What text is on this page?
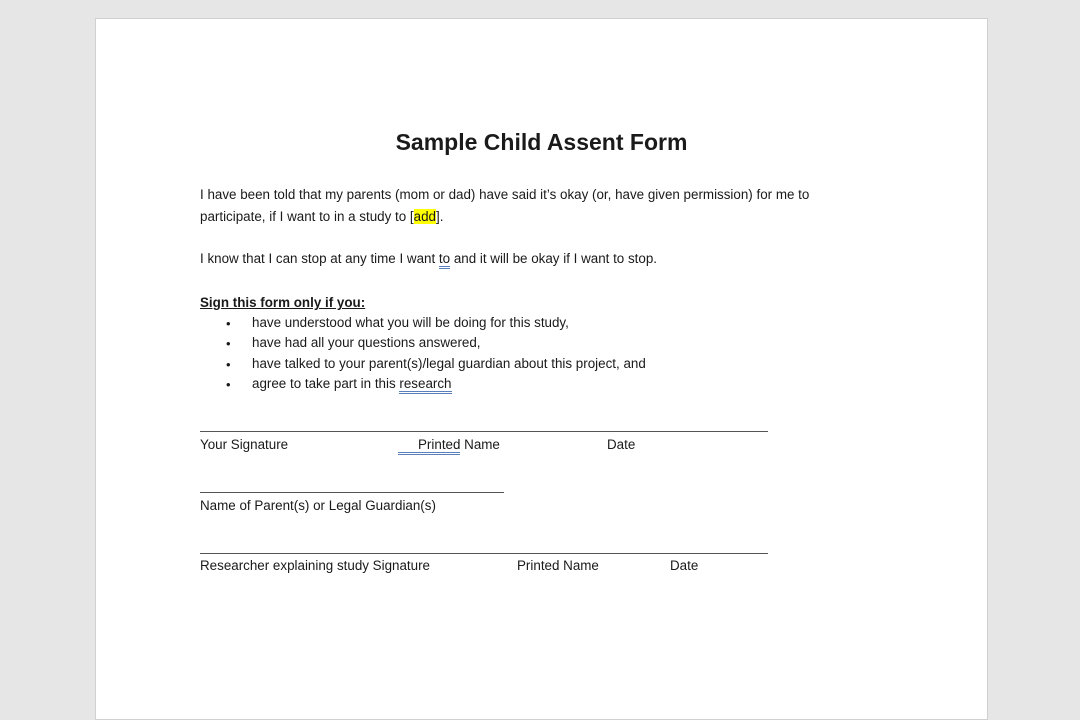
Sample Child Assent Form
I have been told that my parents (mom or dad) have said it’s okay (or, have given permission) for me to
participate, if I want to in a study to [add].
I know that I can stop at any time I want to and it will be okay if I want to stop.
Sign this form only if you:
• have understood what you will be doing for this study,
• have had all your questions answered,
• have talked to your parent(s)/legal guardian about this project, and
• agree to take part in this research
Your Signature	Printed Name	Date
Name of Parent(s) or Legal Guardian(s)
Researcher explaining study Signature	Printed Name	Date
